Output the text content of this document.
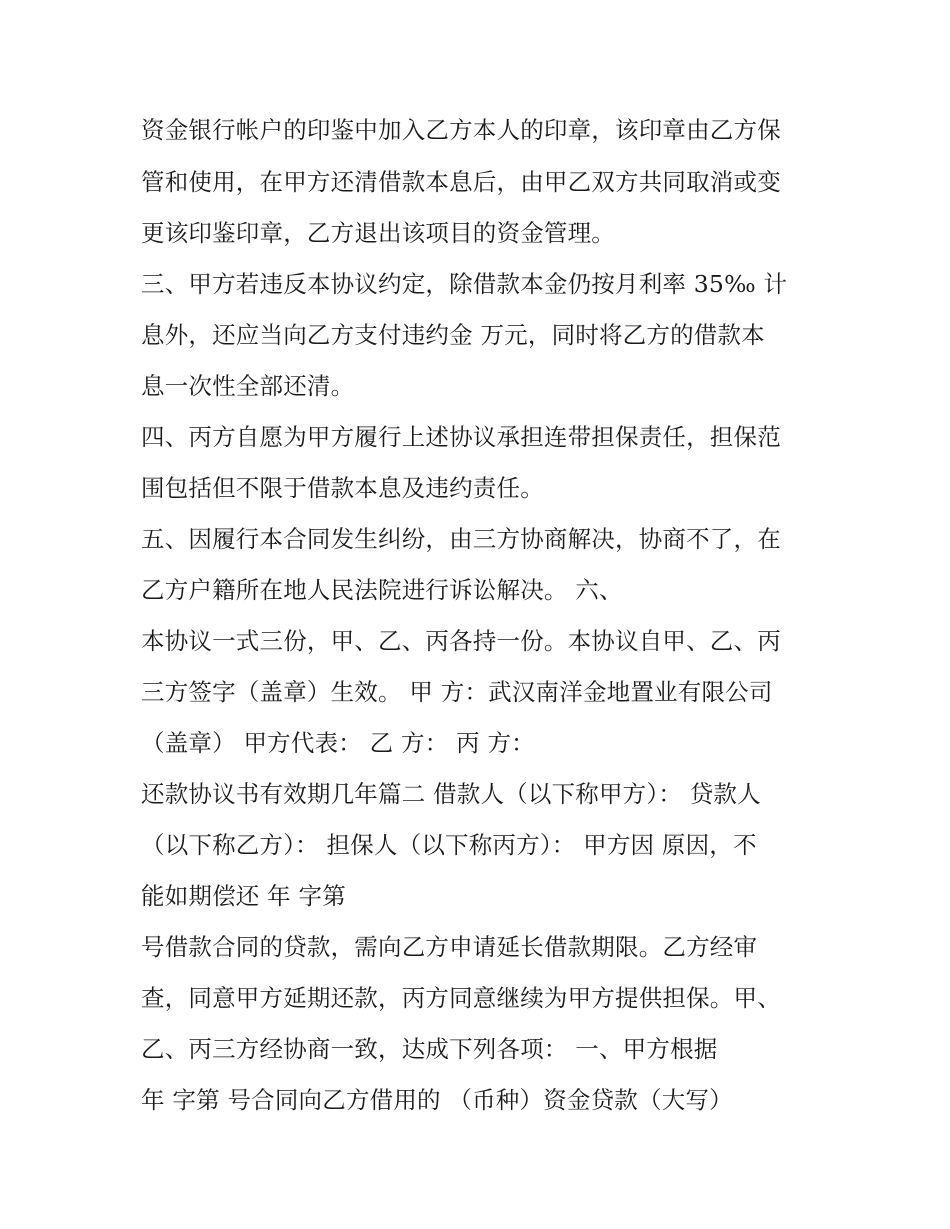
资金银行帐户的印鉴中加入乙方本人的印章，该印章由乙方保
管和使用，在甲方还清借款本息后，由甲乙双方共同取消或变
更该印鉴印章，乙方退出该项目的资金管理。
三、甲方若违反本协议约定，除借款本金仍按月利率 35‰ 计
息外，还应当向乙方支付违约金 万元，同时将乙方的借款本
息一次性全部还清。
四、丙方自愿为甲方履行上述协议承担连带担保责任，担保范
围包括但不限于借款本息及违约责任。
五、因履行本合同发生纠纷，由三方协商解决，协商不了，在
乙方户籍所在地人民法院进行诉讼解决。 六、
本协议一式三份，甲、乙、丙各持一份。本协议自甲、乙、丙
三方签字（盖章）生效。 甲 方：武汉南洋金地置业有限公司
（盖章） 甲方代表： 乙 方： 丙 方：
还款协议书有效期几年篇二 借款人（以下称甲方）： 贷款人
（以下称乙方）： 担保人（以下称丙方）： 甲方因 原因，不
能如期偿还 年 字第
号借款合同的贷款，需向乙方申请延长借款期限。乙方经审
查，同意甲方延期还款，丙方同意继续为甲方提供担保。甲、
乙、丙三方经协商一致，达成下列各项： 一、甲方根据
年 字第 号合同向乙方借用的 （币种）资金贷款（大写）
